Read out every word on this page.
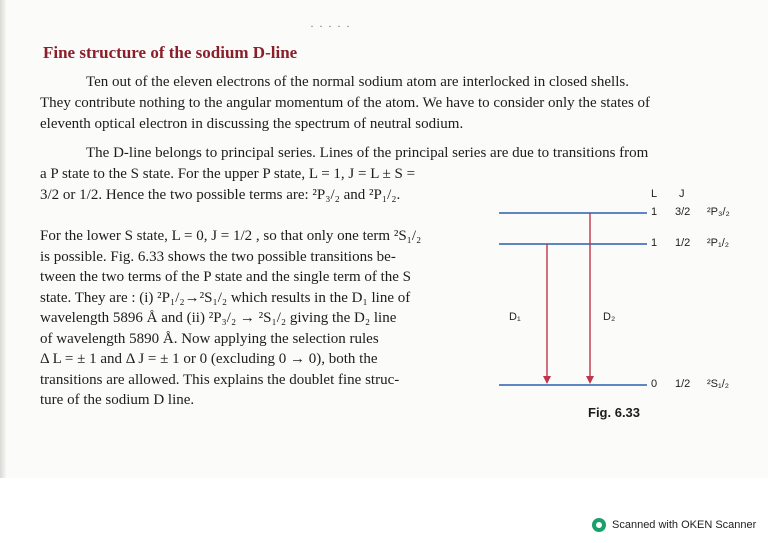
· · · · ·
Fine structure of the sodium D-line
Ten out of the eleven electrons of the normal sodium atom are interlocked in closed shells.
They contribute nothing to the angular momentum of the atom. We have to consider only the states of
eleventh optical electron in discussing the spectrum of neutral sodium.
The D-line belongs to principal series. Lines of the principal series are due to transitions from
a P state to the S state. For the upper P state, L = 1, J = L ± S =
3/2 or 1/2. Hence the two possible terms are: ²P₃/₂ and ²P₁/₂.
For the lower S state, L = 0, J = 1/2 , so that only one term ²S₁/₂
is possible. Fig. 6.33 shows the two possible transitions be-
tween the two terms of the P state and the single term of the S
state. They are : (i) ²P₁/₂→²S₁/₂ which results in the D₁ line of
wavelength 5896 Å and (ii) ²P₃/₂ → ²S₁/₂ giving the D₂ line
of wavelength 5890 Å. Now applying the selection rules
Δ L = ± 1 and Δ J = ± 1 or 0 (excluding 0 → 0), both the
transitions are allowed. This explains the doublet fine struc-
ture of the sodium D line.
L J
1 3/2 ²P₃/₂
1 1/2 ²P₁/₂
0 1/2 ²S₁/₂
D₁	D₂
Fig. 6.33
Scanned with OKEN Scanner
